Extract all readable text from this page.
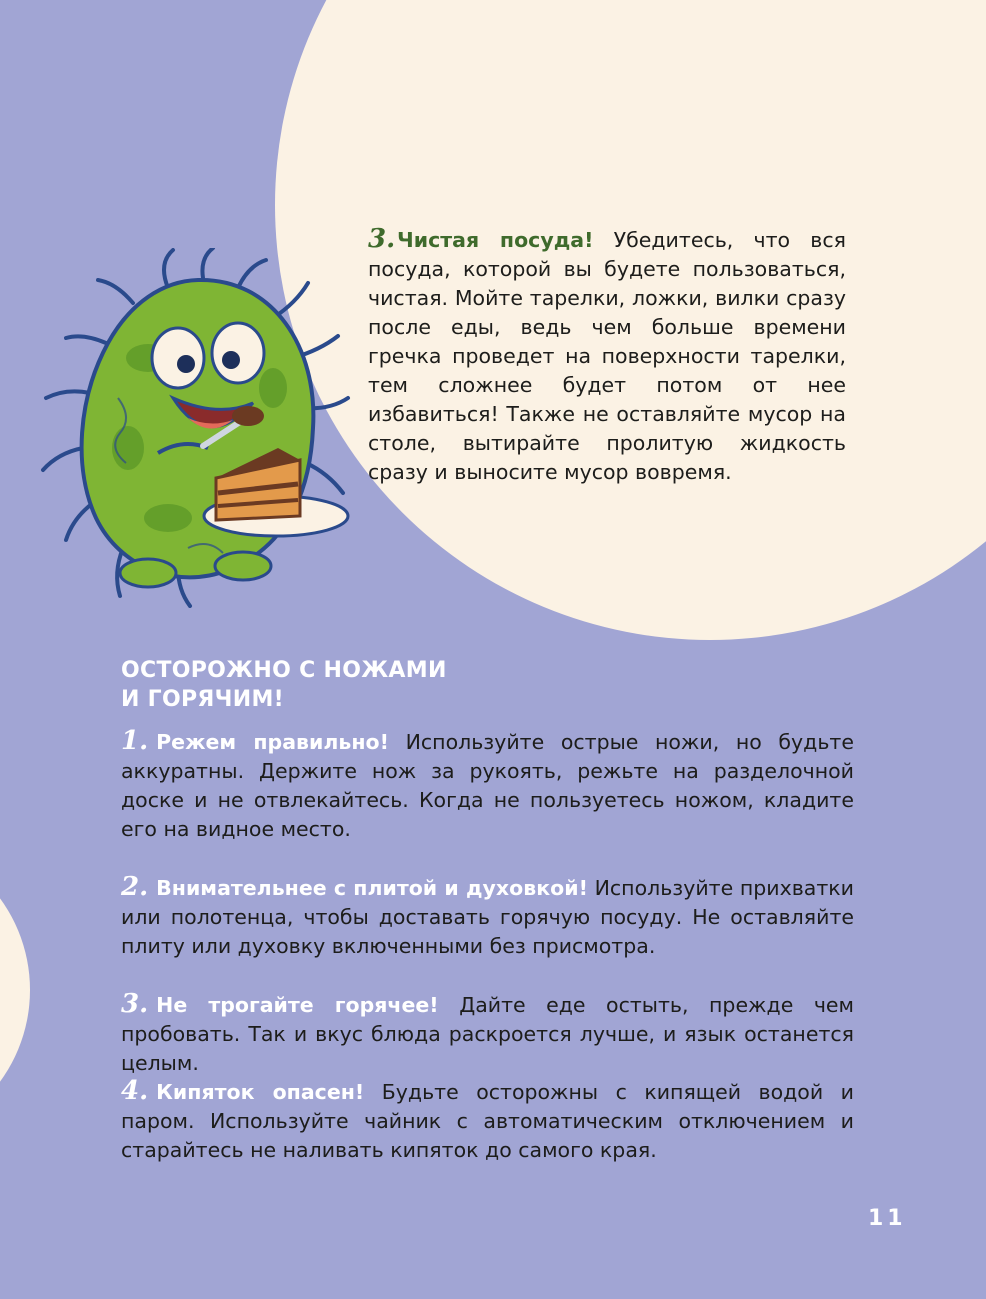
3.Чистая посуда! Убедитесь, что вся посуда, которой вы будете пользоваться, чистая. Мойте тарелки, ложки, вилки сразу после еды, ведь чем больше времени гречка проведет на поверхности тарелки, тем сложнее будет потом от нее избавиться! Также не оставляйте мусор на столе, вытирайте пролитую жидкость сразу и выносите мусор вовремя.

ОСТОРОЖНО С НОЖАМИ
И ГОРЯЧИМ!

1. Режем правильно! Используйте острые ножи, но будьте аккуратны. Держите нож за рукоять, режьте на разделочной доске и не отвлекайтесь. Когда не пользуетесь ножом, кладите его на видное место.

2. Внимательнее с плитой и духовкой! Используйте прихватки или полотенца, чтобы доставать горячую посуду. Не оставляйте плиту или духовку включенными без присмотра.

3. Не трогайте горячее! Дайте еде остыть, прежде чем пробовать. Так и вкус блюда раскроется лучше, и язык останется целым.

4. Кипяток опасен! Будьте осторожны с кипящей водой и паром. Используйте чайник с автоматическим отключением и старайтесь не наливать кипяток до самого края.

11
